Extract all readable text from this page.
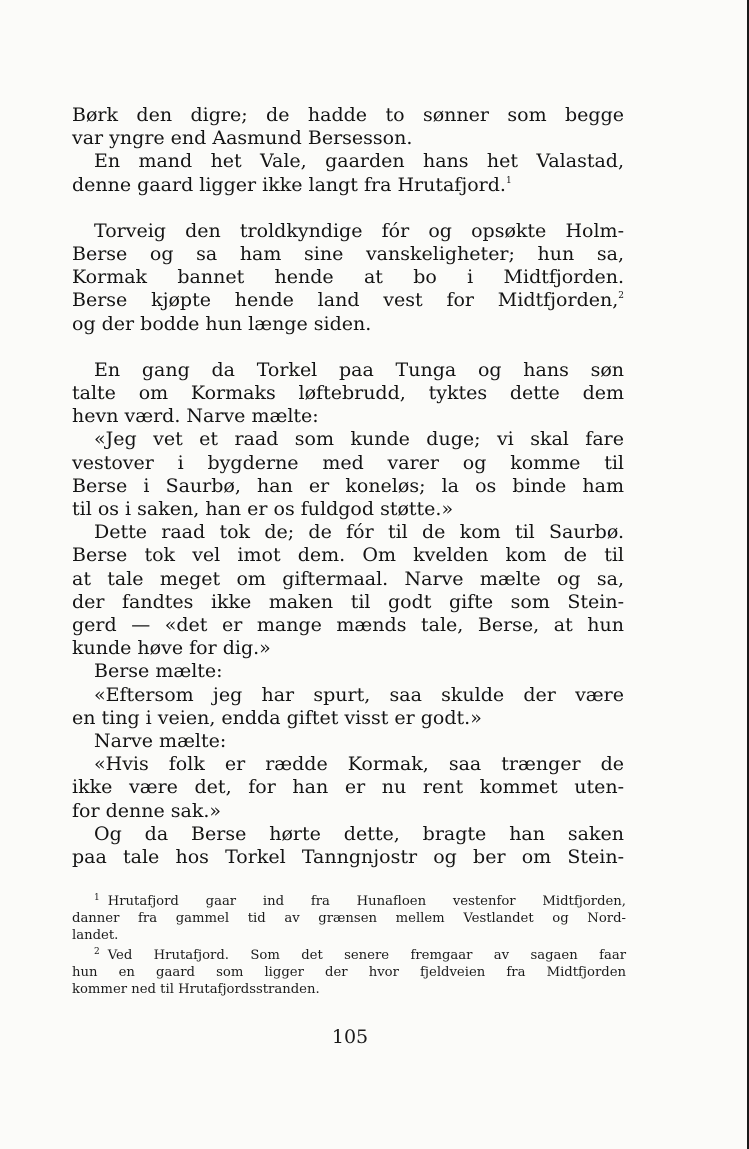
Børk den digre; de hadde to sønner som begge
var yngre end Aasmund Bersesson.

En mand het Vale, gaarden hans het Valastad,
denne gaard ligger ikke langt fra Hrutafjord.$^1$

Torveig den troldkyndige fór og opsøkte Holm-
Berse og sa ham sine vanskeligheter; hun sa,
Kormak bannet hende at bo i Midtfjorden.
Berse kjøpte hende land vest for Midtfjorden,$^2$
og der bodde hun længe siden.

En gang da Torkel paa Tunga og hans søn
talte om Kormaks løftebrudd, tyktes dette dem
hevn værd. Narve mælte:

«Jeg vet et raad som kunde duge; vi skal fare
vestover i bygderne med varer og komme til
Berse i Saurbø, han er koneløs; la os binde ham
til os i saken, han er os fuldgod støtte.»

Dette raad tok de; de fór til de kom til Saurbø.
Berse tok vel imot dem. Om kvelden kom de til
at tale meget om giftermaal. Narve mælte og sa,
der fandtes ikke maken til godt gifte som Stein-
gerd — «det er mange mænds tale, Berse, at hun
kunde høve for dig.»

Berse mælte:

«Eftersom jeg har spurt, saa skulde der være
en ting i veien, endda giftet visst er godt.»

Narve mælte:

«Hvis folk er rædde Kormak, saa trænger de
ikke være det, for han er nu rent kommet uten-
for denne sak.»

Og da Berse hørte dette, bragte han saken
paa tale hos Torkel Tanngnjostr og ber om Stein-

$^1$ Hrutafjord gaar ind fra Hunafloen vestenfor Midtfjorden,
danner fra gammel tid av grænsen mellem Vestlandet og Nord-
landet.

$^2$ Ved Hrutafjord. Som det senere fremgaar av sagaen faar
hun en gaard som ligger der hvor fjeldveien fra Midtfjorden
kommer ned til Hrutafjordsstranden.

105
